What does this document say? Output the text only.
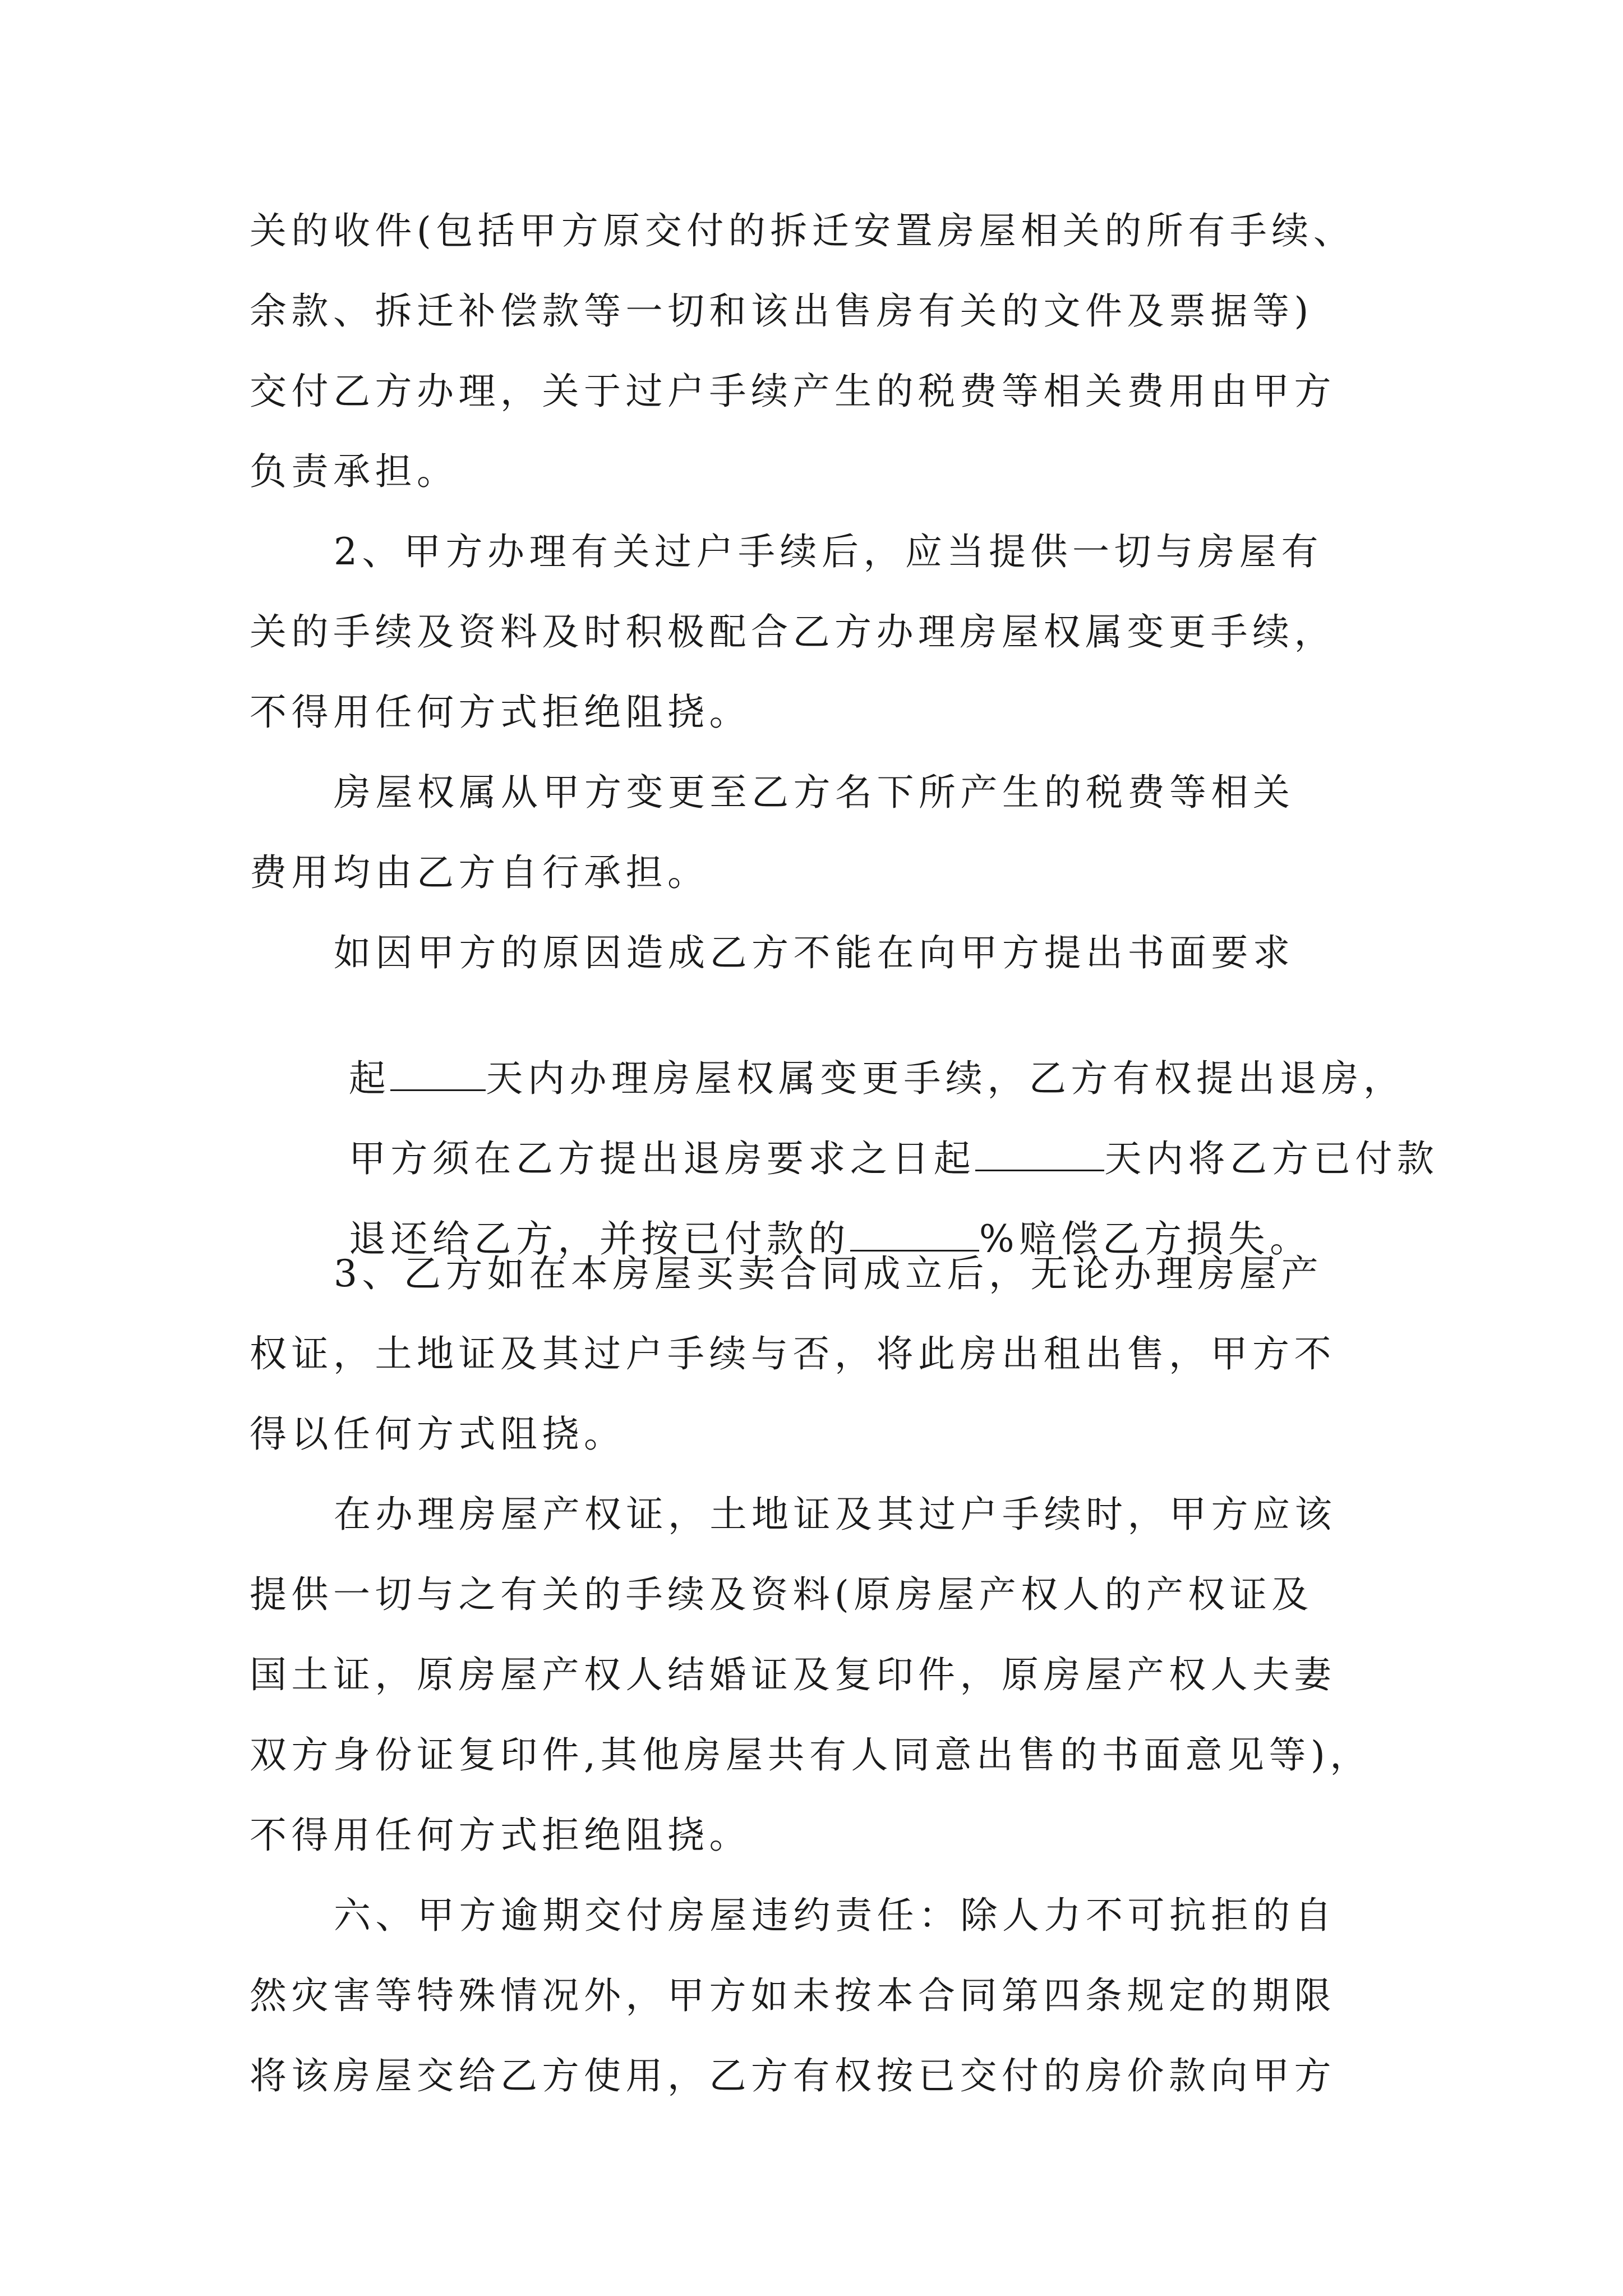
关的收件(包括甲方原交付的拆迁安置房屋相关的所有手续、
余款、拆迁补偿款等一切和该出售房有关的文件及票据等)
交付乙方办理，关于过户手续产生的税费等相关费用由甲方
负责承担。
2、甲方办理有关过户手续后，应当提供一切与房屋有
关的手续及资料及时积极配合乙方办理房屋权属变更手续，
不得用任何方式拒绝阻挠。
房屋权属从甲方变更至乙方名下所产生的税费等相关
费用均由乙方自行承担。
如因甲方的原因造成乙方不能在向甲方提出书面要求

起	天内办理房屋权属变更手续，乙方有权提出退房，

甲方须在乙方提出退房要求之日起	天内将乙方已付款

退还给乙方，并按已付款的	%赔偿乙方损失。

3、乙方如在本房屋买卖合同成立后，无论办理房屋产
权证，土地证及其过户手续与否，将此房出租出售，甲方不
得以任何方式阻挠。
在办理房屋产权证，土地证及其过户手续时，甲方应该
提供一切与之有关的手续及资料(原房屋产权人的产权证及
国土证，原房屋产权人结婚证及复印件，原房屋产权人夫妻
双方身份证复印件,其他房屋共有人同意出售的书面意见等)，
不得用任何方式拒绝阻挠。
六、甲方逾期交付房屋违约责任：除人力不可抗拒的自
然灾害等特殊情况外，甲方如未按本合同第四条规定的期限
将该房屋交给乙方使用，乙方有权按已交付的房价款向甲方
